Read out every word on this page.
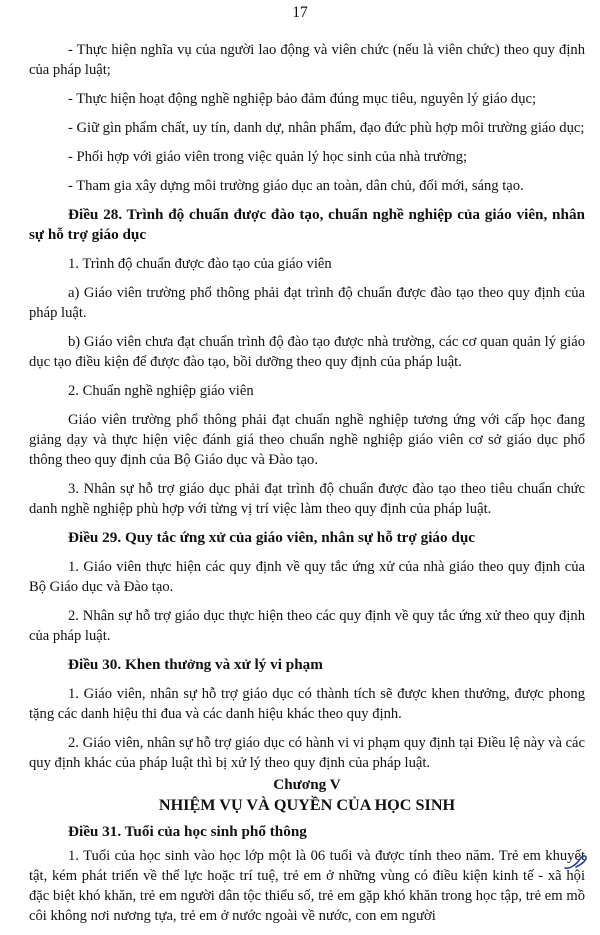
17

- Thực hiện nghĩa vụ của người lao động và viên chức (nếu là viên chức) theo quy định của pháp luật;

- Thực hiện hoạt động nghề nghiệp bảo đảm đúng mục tiêu, nguyên lý giáo dục;

- Giữ gìn phẩm chất, uy tín, danh dự, nhân phẩm, đạo đức phù hợp môi trường giáo dục;

- Phối hợp với giáo viên trong việc quản lý học sinh của nhà trường;

- Tham gia xây dựng môi trường giáo dục an toàn, dân chủ, đổi mới, sáng tạo.

Điều 28. Trình độ chuẩn được đào tạo, chuẩn nghề nghiệp của giáo viên, nhân sự hỗ trợ giáo dục

1. Trình độ chuẩn được đào tạo của giáo viên

a) Giáo viên trường phổ thông phải đạt trình độ chuẩn được đào tạo theo quy định của pháp luật.

b) Giáo viên chưa đạt chuẩn trình độ đào tạo được nhà trường, các cơ quan quản lý giáo dục tạo điều kiện để được đào tạo, bồi dưỡng theo quy định của pháp luật.

2. Chuẩn nghề nghiệp giáo viên

Giáo viên trường phổ thông phải đạt chuẩn nghề nghiệp tương ứng với cấp học đang giảng dạy và thực hiện việc đánh giá theo chuẩn nghề nghiệp giáo viên cơ sở giáo dục phổ thông theo quy định của Bộ Giáo dục và Đào tạo.

3. Nhân sự hỗ trợ giáo dục phải đạt trình độ chuẩn được đào tạo theo tiêu chuẩn chức danh nghề nghiệp phù hợp với từng vị trí việc làm theo quy định của pháp luật.

Điều 29. Quy tắc ứng xử của giáo viên, nhân sự hỗ trợ giáo dục

1. Giáo viên thực hiện các quy định về quy tắc ứng xử của nhà giáo theo quy định của Bộ Giáo dục và Đào tạo.

2. Nhân sự hỗ trợ giáo dục thực hiện theo các quy định về quy tắc ứng xử theo quy định của pháp luật.

Điều 30. Khen thưởng và xử lý vi phạm

1. Giáo viên, nhân sự hỗ trợ giáo dục có thành tích sẽ được khen thưởng, được phong tặng các danh hiệu thi đua và các danh hiệu khác theo quy định.

2. Giáo viên, nhân sự hỗ trợ giáo dục có hành vi vi phạm quy định tại Điều lệ này và các quy định khác của pháp luật thì bị xử lý theo quy định của pháp luật.

Chương V

NHIỆM VỤ VÀ QUYỀN CỦA HỌC SINH

Điều 31. Tuổi của học sinh phổ thông

1. Tuổi của học sinh vào học lớp một là 06 tuổi và được tính theo năm. Trẻ em khuyết tật, kém phát triển về thể lực hoặc trí tuệ, trẻ em ở những vùng có điều kiện kinh tế - xã hội đặc biệt khó khăn, trẻ em người dân tộc thiểu số, trẻ em gặp khó khăn trong học tập, trẻ em mồ côi không nơi nương tựa, trẻ em ở nước ngoài về nước, con em người
